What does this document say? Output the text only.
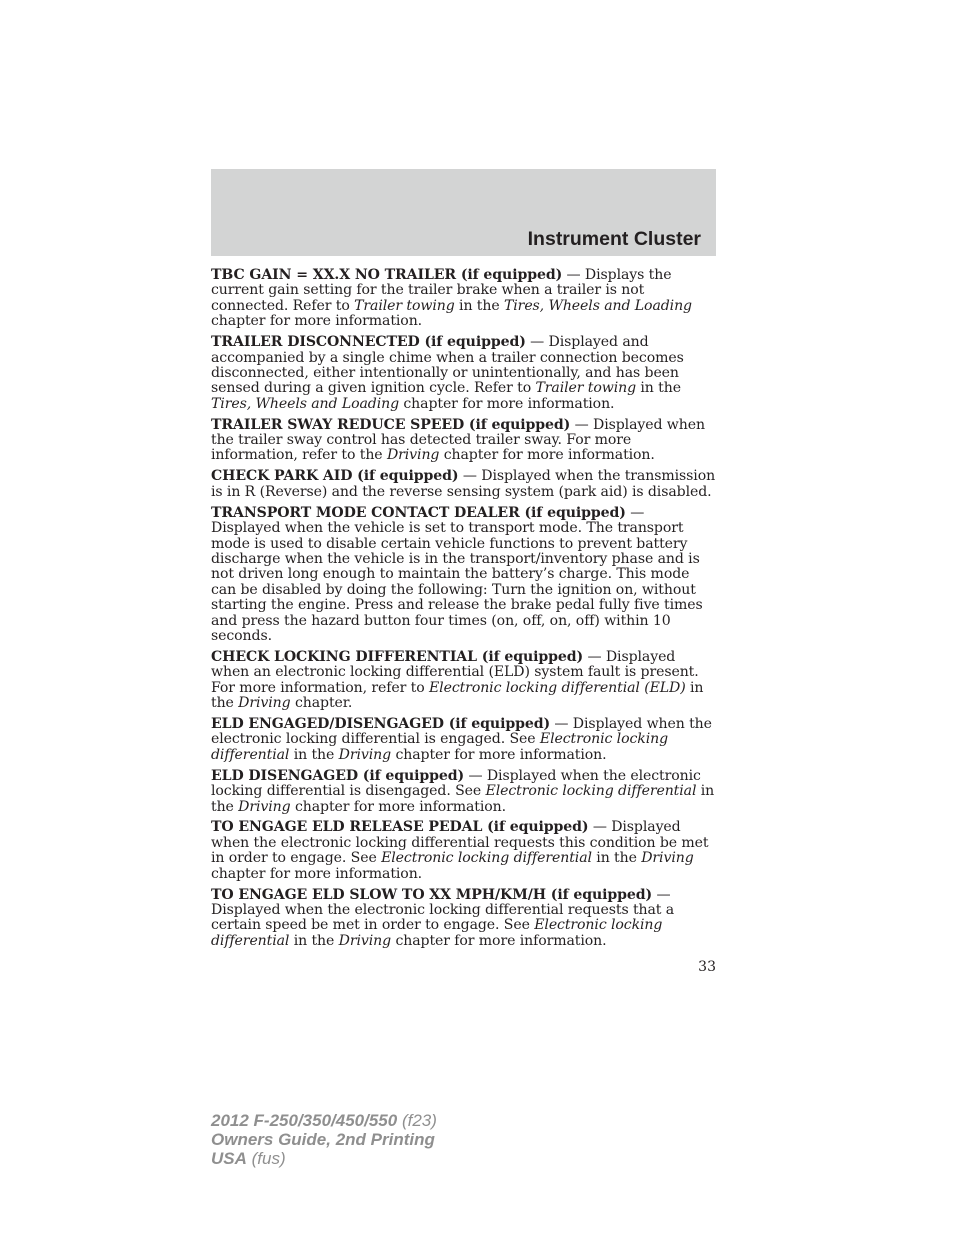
Instrument Cluster

TBC GAIN = XX.X NO TRAILER (if equipped) — Displays the current gain setting for the trailer brake when a trailer is not connected. Refer to Trailer towing in the Tires, Wheels and Loading chapter for more information.

TRAILER DISCONNECTED (if equipped) — Displayed and accompanied by a single chime when a trailer connection becomes disconnected, either intentionally or unintentionally, and has been sensed during a given ignition cycle. Refer to Trailer towing in the Tires, Wheels and Loading chapter for more information.

TRAILER SWAY REDUCE SPEED (if equipped) — Displayed when the trailer sway control has detected trailer sway. For more information, refer to the Driving chapter for more information.

CHECK PARK AID (if equipped) — Displayed when the transmission is in R (Reverse) and the reverse sensing system (park aid) is disabled.

TRANSPORT MODE CONTACT DEALER (if equipped) — Displayed when the vehicle is set to transport mode. The transport mode is used to disable certain vehicle functions to prevent battery discharge when the vehicle is in the transport/inventory phase and is not driven long enough to maintain the battery’s charge. This mode can be disabled by doing the following: Turn the ignition on, without starting the engine. Press and release the brake pedal fully five times and press the hazard button four times (on, off, on, off) within 10 seconds.

CHECK LOCKING DIFFERENTIAL (if equipped) — Displayed when an electronic locking differential (ELD) system fault is present. For more information, refer to Electronic locking differential (ELD) in the Driving chapter.

ELD ENGAGED/DISENGAGED (if equipped) — Displayed when the electronic locking differential is engaged. See Electronic locking differential in the Driving chapter for more information.

ELD DISENGAGED (if equipped) — Displayed when the electronic locking differential is disengaged. See Electronic locking differential in the Driving chapter for more information.

TO ENGAGE ELD RELEASE PEDAL (if equipped) — Displayed when the electronic locking differential requests this condition be met in order to engage. See Electronic locking differential in the Driving chapter for more information.

TO ENGAGE ELD SLOW TO XX MPH/KM/H (if equipped) — Displayed when the electronic locking differential requests that a certain speed be met in order to engage. See Electronic locking differential in the Driving chapter for more information.

33
2012 F-250/350/450/550 (f23)
Owners Guide, 2nd Printing
USA (fus)
